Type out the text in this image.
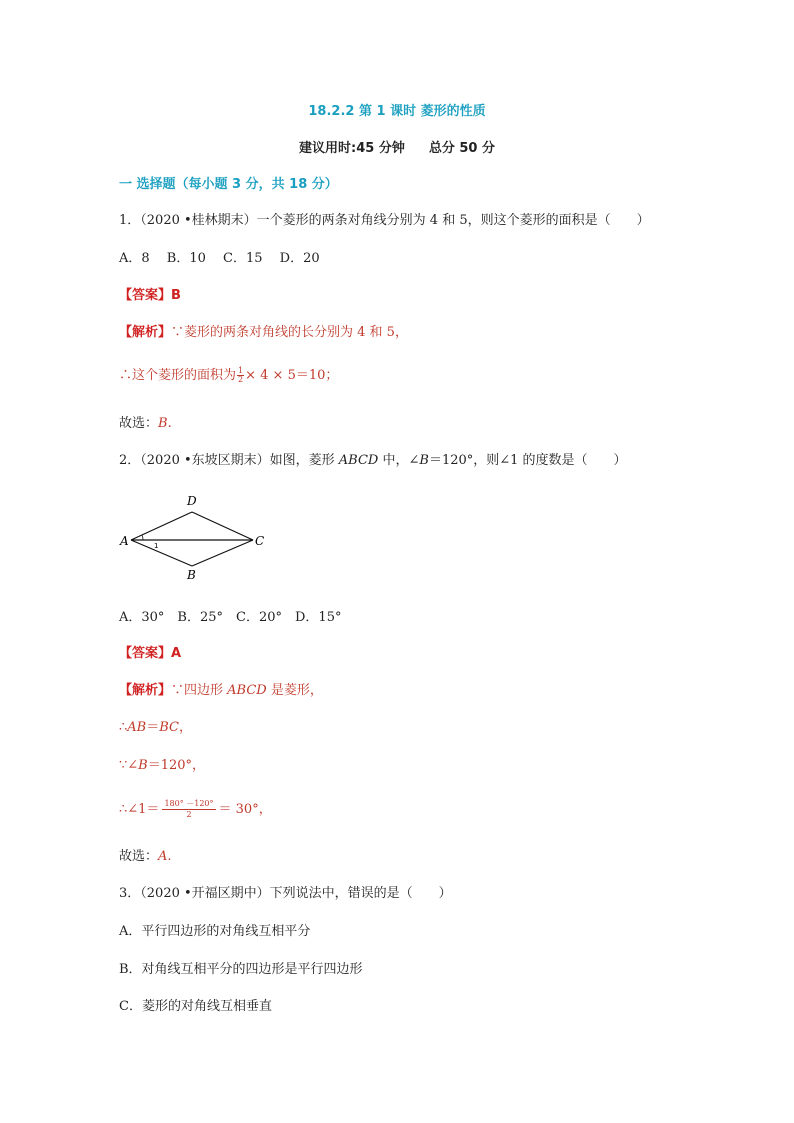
18.2.2 第 1 课时 菱形的性质
建议用时:45 分钟 总分 50 分
一 选择题（每小题 3 分，共 18 分）
1．（2020 •桂林期末）一个菱形的两条对角线分别为 4 和 5，则这个菱形的面积是（　　）
A．8　 B．10　 C．15　 D．20
【答案】B
【解析】∵菱形的两条对角线的长分别为 4 和 5，
∴这个菱形的面积为 $\frac{1}{2} \times 4 \times 5=10$；
故选：B.
2．（2020 •东坡区期末）如图，菱形 ABCD 中，∠B＝120°，则∠1 的度数是（　　）
A
D
C
B
1
A．30°　B．25°　C．20°　D．15°
【答案】A
【解析】∵四边形 ABCD 是菱形，
∴AB＝BC，
∵∠B＝120°，
∴∠1＝ $\frac{180^\circ -120^\circ}{2} = 30^\circ$，
故选：A.
3．（2020 •开福区期中）下列说法中，错误的是（　　）
A．平行四边形的对角线互相平分
B．对角线互相平分的四边形是平行四边形
C．菱形的对角线互相垂直
